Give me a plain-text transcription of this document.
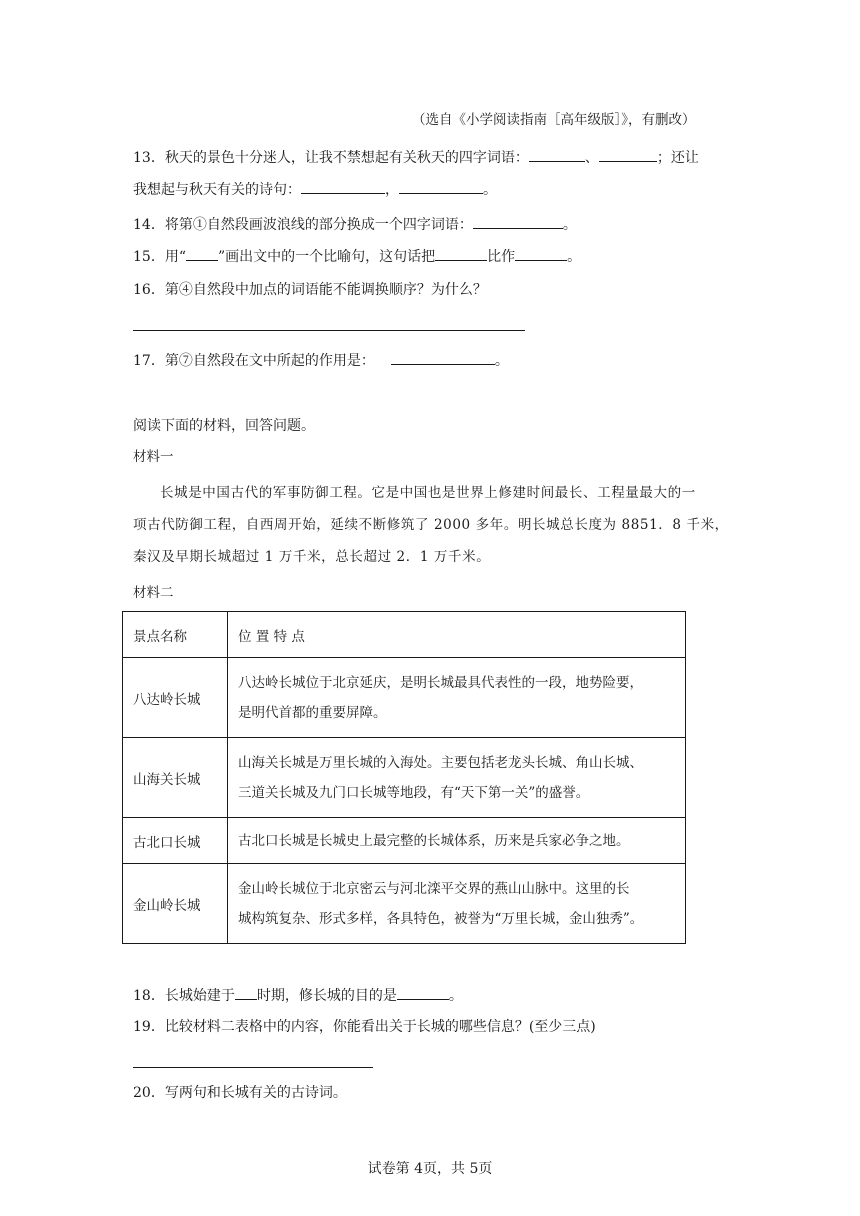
（选自《小学阅读指南［高年级版］》，有删改）
13．秋天的景色十分迷人，让我不禁想起有关秋天的四字词语：	、	；还让
我想起与秋天有关的诗句：	，	。
14．将第①自然段画波浪线的部分换成一个四字词语：	。
15．用“ ”画出文中的一个比喻句，这句话把	比作	。
16．第④自然段中加点的词语能不能调换顺序？为什么？
17．第⑦自然段在文中所起的作用是：	。
阅读下面的材料，回答问题。
材料一
长城是中国古代的军事防御工程。它是中国也是世界上修建时间最长、工程量最大的一
项古代防御工程，自西周开始，延续不断修筑了 2000 多年。明长城总长度为 8851．8 千米，
秦汉及早期长城超过 1 万千米，总长超过 2．1 万千米。
材料二
景点名称	位 置 特 点
八达岭长城	八达岭长城位于北京延庆，是明长城最具代表性的一段，地势险要，
是明代首都的重要屏障。

山海关长城	山海关长城是万里长城的入海处。主要包括老龙头长城、角山长城、
三道关长城及九门口长城等地段，有“天下第一关”的盛誉。

古北口长城	古北口长城是长城史上最完整的长城体系，历来是兵家必争之地。

金山岭长城	金山岭长城位于北京密云与河北滦平交界的燕山山脉中。这里的长
城构筑复杂、形式多样，各具特色，被誉为“万里长城，金山独秀”。
18．长城始建于 时期，修长城的目的是	。
19．比较材料二表格中的内容，你能看出关于长城的哪些信息？(至少三点)
20．写两句和长城有关的古诗词。
试卷第 4页，共 5页
